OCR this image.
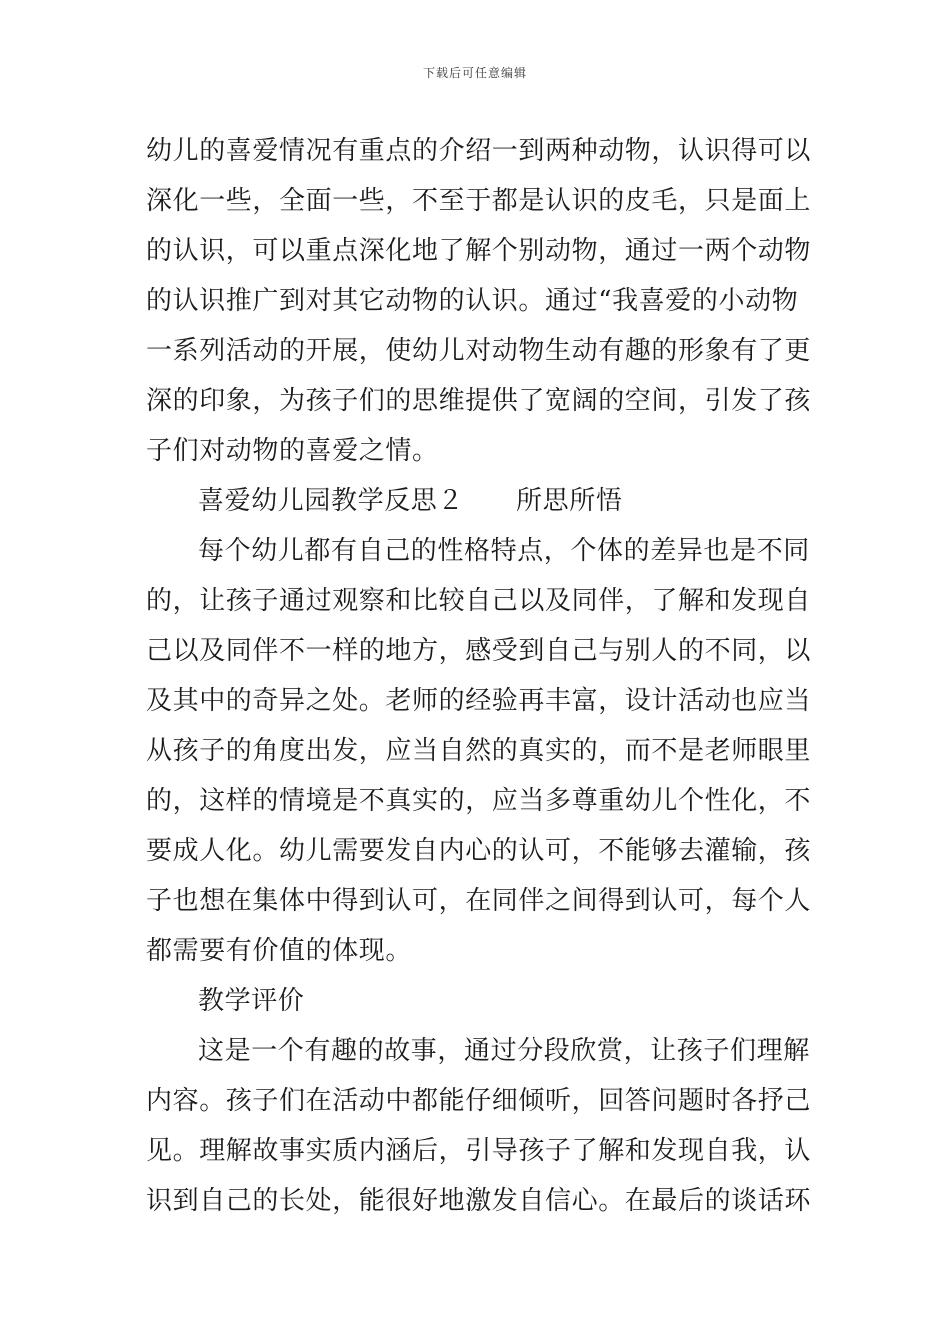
下载后可任意编辑
幼儿的喜爱情况有重点的介绍一到两种动物，认识得可以
深化一些，全面一些，不至于都是认识的皮毛，只是面上
的认识，可以重点深化地了解个别动物，通过一两个动物
的认识推广到对其它动物的认识。通过“我喜爱的小动物
一系列活动的开展，使幼儿对动物生动有趣的形象有了更
深的印象，为孩子们的思维提供了宽阔的空间，引发了孩
子们对动物的喜爱之情。
喜爱幼儿园教学反思２ 所思所悟
每个幼儿都有自己的性格特点，个体的差异也是不同
的，让孩子通过观察和比较自己以及同伴，了解和发现自
己以及同伴不一样的地方，感受到自己与别人的不同，以
及其中的奇异之处。老师的经验再丰富，设计活动也应当
从孩子的角度出发，应当自然的真实的，而不是老师眼里
的，这样的情境是不真实的，应当多尊重幼儿个性化，不
要成人化。幼儿需要发自内心的认可，不能够去灌输，孩
子也想在集体中得到认可，在同伴之间得到认可，每个人
都需要有价值的体现。
教学评价
这是一个有趣的故事，通过分段欣赏，让孩子们理解
内容。孩子们在活动中都能仔细倾听，回答问题时各抒己
见。理解故事实质内涵后，引导孩子了解和发现自我，认
识到自己的长处，能很好地激发自信心。在最后的谈话环
